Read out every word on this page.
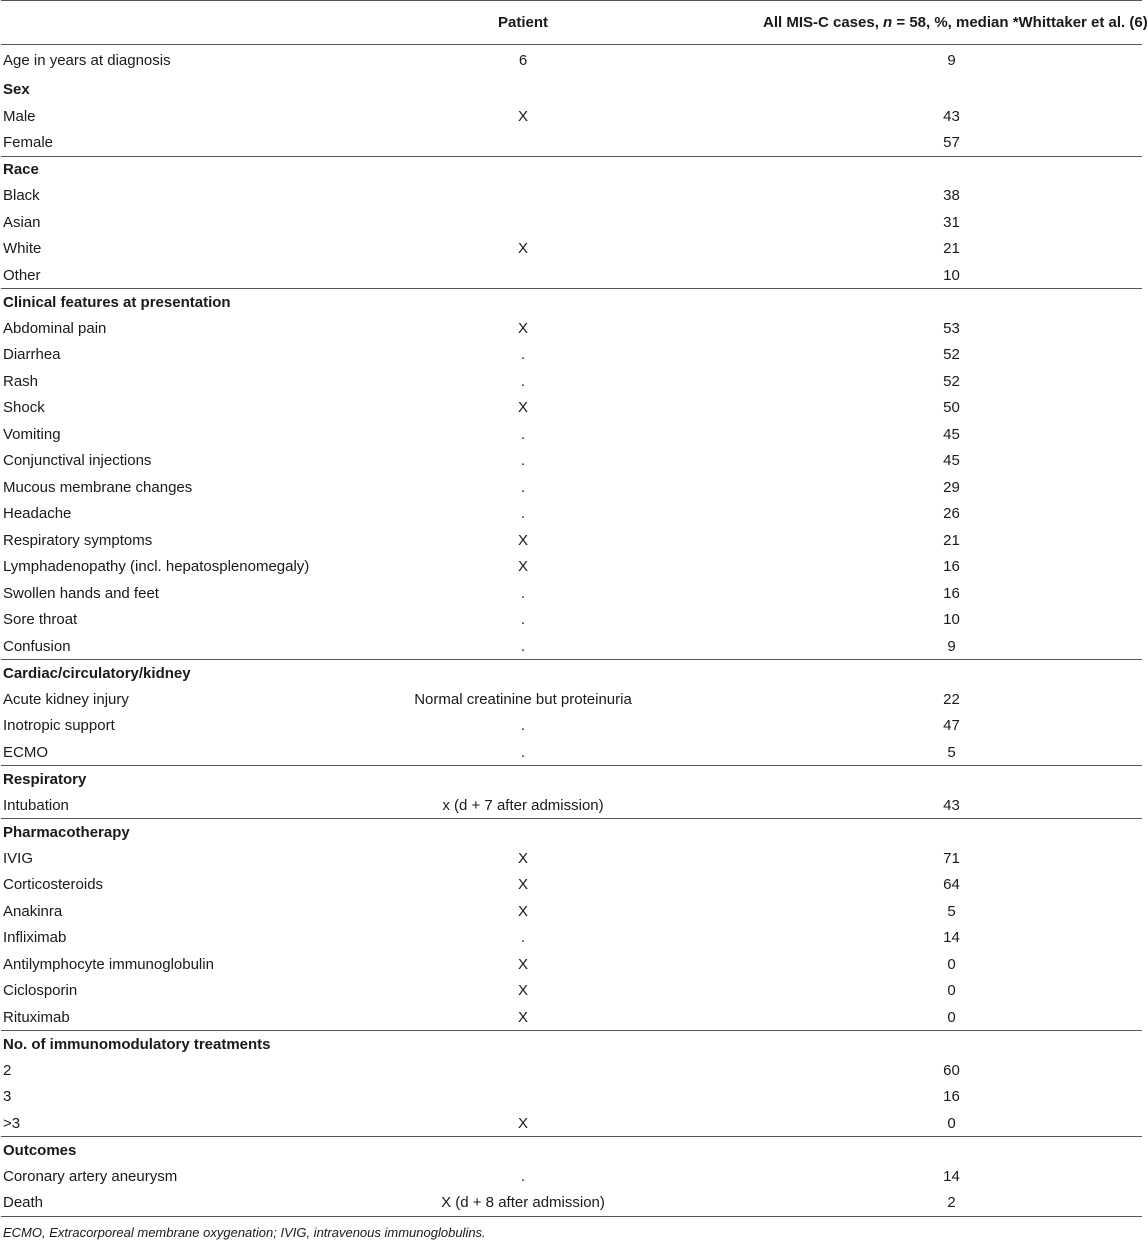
	Patient	All MIS-C cases, n = 58, %, median *Whittaker et al. (6)
Age in years at diagnosis	6	9
Sex		
Male	X	43
Female		57
Race		
Black		38
Asian		31
White	X	21
Other		10
Clinical features at presentation		
Abdominal pain	X	53
Diarrhea	.	52
Rash	.	52
Shock	X	50
Vomiting	.	45
Conjunctival injections	.	45
Mucous membrane changes	.	29
Headache	.	26
Respiratory symptoms	X	21
Lymphadenopathy (incl. hepatosplenomegaly)	X	16
Swollen hands and feet	.	16
Sore throat	.	10
Confusion	.	9
Cardiac/circulatory/kidney		
Acute kidney injury	Normal creatinine but proteinuria	22
Inotropic support	.	47
ECMO	.	5
Respiratory		
Intubation	x (d + 7 after admission)	43
Pharmacotherapy		
IVIG	X	71
Corticosteroids	X	64
Anakinra	X	5
Infliximab	.	14
Antilymphocyte immunoglobulin	X	0
Ciclosporin	X	0
Rituximab	X	0
No. of immunomodulatory treatments		
2		60
3		16
>3	X	0
Outcomes		
Coronary artery aneurysm	.	14
Death	X (d + 8 after admission)	2
ECMO, Extracorporeal membrane oxygenation; IVIG, intravenous immunoglobulins.
